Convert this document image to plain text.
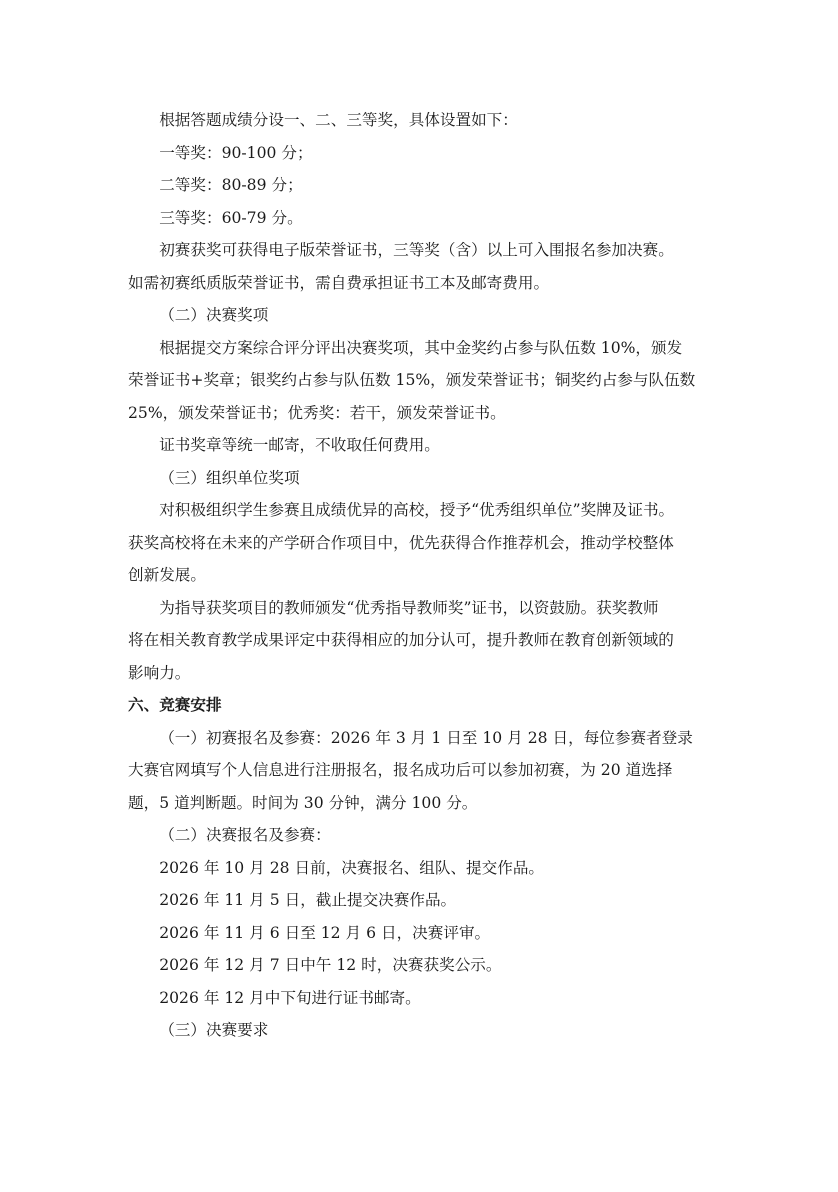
根据答题成绩分设一、二、三等奖，具体设置如下：

一等奖：90-100 分；

二等奖：80-89 分；

三等奖：60-79 分。

初赛获奖可获得电子版荣誉证书，三等奖（含）以上可入围报名参加决赛。
如需初赛纸质版荣誉证书，需自费承担证书工本及邮寄费用。

（二）决赛奖项

根据提交方案综合评分评出决赛奖项，其中金奖约占参与队伍数 10%，颁发
荣誉证书+奖章；银奖约占参与队伍数 15%，颁发荣誉证书；铜奖约占参与队伍数
25%，颁发荣誉证书；优秀奖：若干，颁发荣誉证书。

证书奖章等统一邮寄，不收取任何费用。

（三）组织单位奖项

对积极组织学生参赛且成绩优异的高校，授予“优秀组织单位”奖牌及证书。
获奖高校将在未来的产学研合作项目中，优先获得合作推荐机会，推动学校整体
创新发展。

为指导获奖项目的教师颁发“优秀指导教师奖”证书，以资鼓励。获奖教师
将在相关教育教学成果评定中获得相应的加分认可，提升教师在教育创新领域的
影响力。

六、竞赛安排

（一）初赛报名及参赛：2026 年 3 月 1 日至 10 月 28 日，每位参赛者登录
大赛官网填写个人信息进行注册报名，报名成功后可以参加初赛，为 20 道选择
题，5 道判断题。时间为 30 分钟，满分 100 分。

（二）决赛报名及参赛：

2026 年 10 月 28 日前，决赛报名、组队、提交作品。

2026 年 11 月 5 日，截止提交决赛作品。

2026 年 11 月 6 日至 12 月 6 日，决赛评审。

2026 年 12 月 7 日中午 12 时，决赛获奖公示。

2026 年 12 月中下旬进行证书邮寄。

（三）决赛要求
